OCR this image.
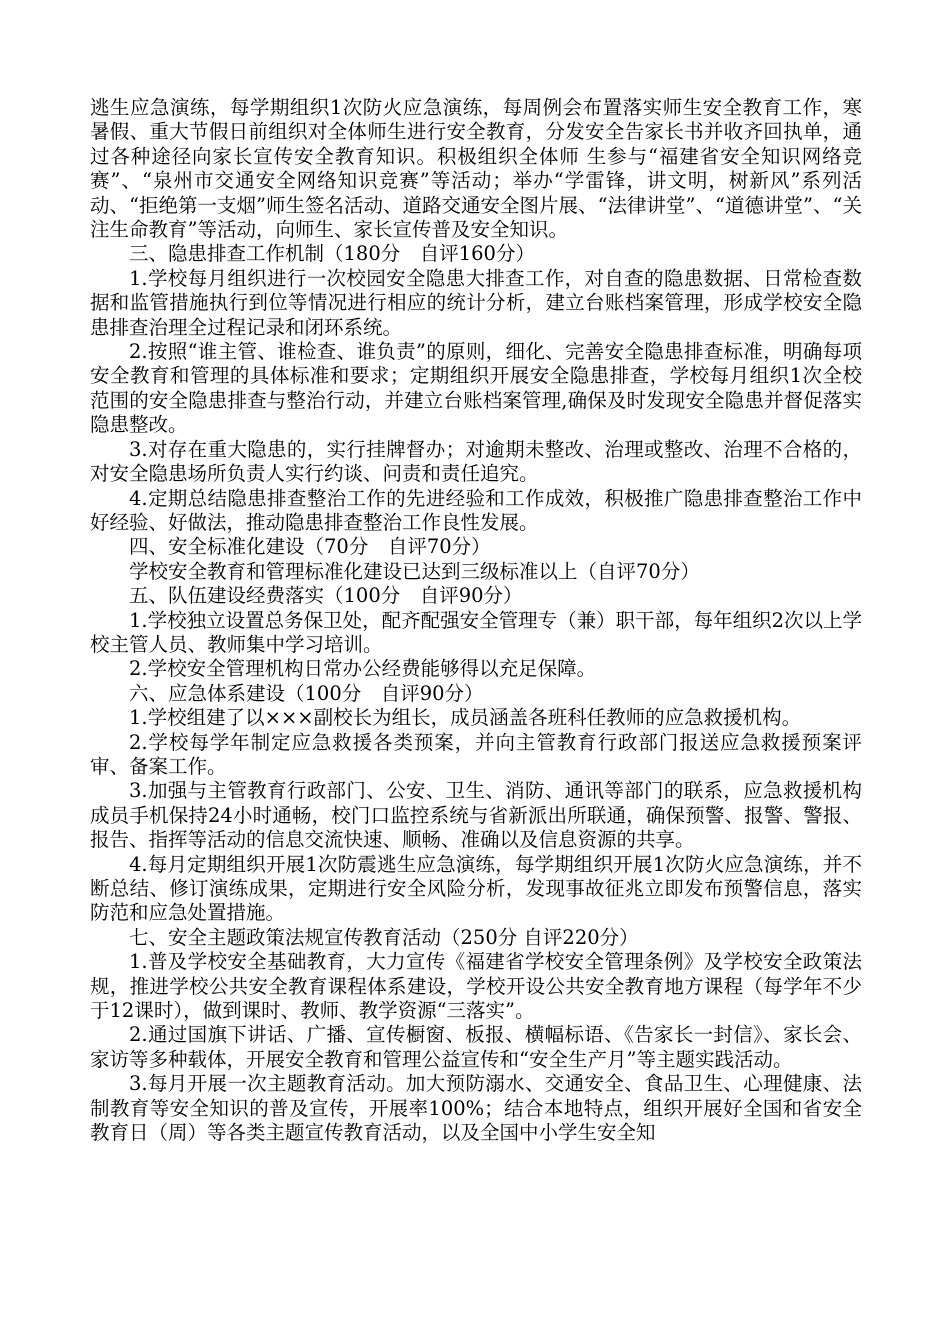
逃生应急演练，每学期组织1次防火应急演练，每周例会布置落实师生安全教育工作，寒暑假、重大节假日前组织对全体师生进行安全教育，分发安全告家长书并收齐回执单，通过各种途径向家长宣传安全教育知识。积极组织全体师 生参与“福建省安全知识网络竞赛”、“泉州市交通安全网络知识竞赛”等活动；举办“学雷锋，讲文明，树新风”系列活动、“拒绝第一支烟”师生签名活动、道路交通安全图片展、“法律讲堂”、“道德讲堂”、“关注生命教育”等活动，向师生、家长宣传普及安全知识。

三、隐患排查工作机制（180分　自评160分）

1.学校每月组织进行一次校园安全隐患大排查工作，对自查的隐患数据、日常检查数据和监管措施执行到位等情况进行相应的统计分析，建立台账档案管理，形成学校安全隐患排查治理全过程记录和闭环系统。

2.按照“谁主管、谁检查、谁负责”的原则，细化、完善安全隐患排查标准，明确每项安全教育和管理的具体标准和要求；定期组织开展安全隐患排查，学校每月组织1次全校范围的安全隐患排查与整治行动，并建立台账档案管理,确保及时发现安全隐患并督促落实隐患整改。

3.对存在重大隐患的，实行挂牌督办；对逾期未整改、治理或整改、治理不合格的，对安全隐患场所负责人实行约谈、问责和责任追究。

4.定期总结隐患排查整治工作的先进经验和工作成效，积极推广隐患排查整治工作中好经验、好做法，推动隐患排查整治工作良性发展。

四、安全标准化建设（70分　自评70分）

学校安全教育和管理标准化建设已达到三级标准以上（自评70分）

五、队伍建设经费落实（100分　自评90分）

1.学校独立设置总务保卫处，配齐配强安全管理专（兼）职干部，每年组织2次以上学校主管人员、教师集中学习培训。

2.学校安全管理机构日常办公经费能够得以充足保障。

六、应急体系建设（100分　自评90分）

1.学校组建了以×××副校长为组长，成员涵盖各班科任教师的应急救援机构。

2.学校每学年制定应急救援各类预案，并向主管教育行政部门报送应急救援预案评审、备案工作。

3.加强与主管教育行政部门、公安、卫生、消防、通讯等部门的联系，应急救援机构成员手机保持24小时通畅，校门口监控系统与省新派出所联通，确保预警、报警、警报、报告、指挥等活动的信息交流快速、顺畅、准确以及信息资源的共享。

4.每月定期组织开展1次防震逃生应急演练，每学期组织开展1次防火应急演练，并不断总结、修订演练成果，定期进行安全风险分析，发现事故征兆立即发布预警信息，落实防范和应急处置措施。

七、安全主题政策法规宣传教育活动（250分 自评220分）

1.普及学校安全基础教育，大力宣传《福建省学校安全管理条例》及学校安全政策法规，推进学校公共安全教育课程体系建设，学校开设公共安全教育地方课程（每学年不少于12课时），做到课时、教师、教学资源“三落实”。

2.通过国旗下讲话、广播、宣传橱窗、板报、横幅标语、《告家长一封信》、家长会、家访等多种载体，开展安全教育和管理公益宣传和“安全生产月”等主题实践活动。

3.每月开展一次主题教育活动。加大预防溺水、交通安全、食品卫生、心理健康、法制教育等安全知识的普及宣传，开展率100%；结合本地特点，组织开展好全国和省安全教育日（周）等各类主题宣传教育活动，以及全国中小学生安全知
